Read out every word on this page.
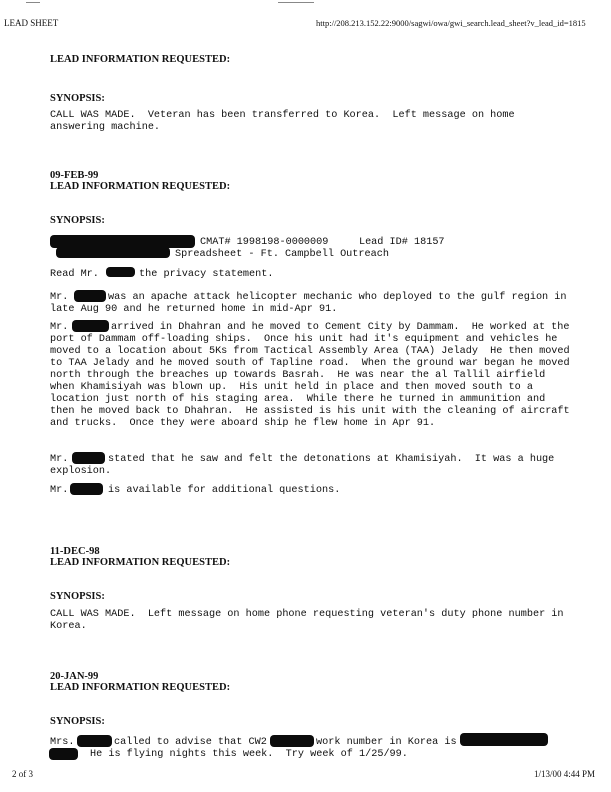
LEAD SHEET	http://208.213.152.22:9000/sagwi/owa/gwi_search.lead_sheet?v_lead_id=1815
LEAD INFORMATION REQUESTED:
SYNOPSIS:
CALL WAS MADE.  Veteran has been transferred to Korea.  Left message on home
answering machine.
09-FEB-99
LEAD INFORMATION REQUESTED:
SYNOPSIS:
CMAT# 1998198-0000009     Lead ID# 18157
Spreadsheet - Ft. Campbell Outreach
Read Mr.	the privacy statement.
Mr.	was an apache attack helicopter mechanic who deployed to the gulf region in
late Aug 90 and he returned home in mid-Apr 91.
Mr.	arrived in Dhahran and he moved to Cement City by Dammam.  He worked at the
port of Dammam off-loading ships.  Once his unit had it's equipment and vehicles he
moved to a location about 5Ks from Tactical Assembly Area (TAA) Jelady  He then moved
to TAA Jelady and he moved south of Tapline road.  When the ground war began he moved
north through the breaches up towards Basrah.  He was near the al Tallil airfield
when Khamisiyah was blown up.  His unit held in place and then moved south to a
location just north of his staging area.  While there he turned in ammunition and
then he moved back to Dhahran.  He assisted is his unit with the cleaning of aircraft
and trucks.  Once they were aboard ship he flew home in Apr 91.
Mr.	stated that he saw and felt the detonations at Khamisiyah.  It was a huge
explosion.
Mr.	is available for additional questions.
11-DEC-98
LEAD INFORMATION REQUESTED:
SYNOPSIS:
CALL WAS MADE.  Left message on home phone requesting veteran's duty phone number in
Korea.
20-JAN-99
LEAD INFORMATION REQUESTED:
SYNOPSIS:
Mrs.	called to advise that CW2	work number in Korea is
He is flying nights this week.  Try week of 1/25/99.
2 of 3	1/13/00 4:44 PM
